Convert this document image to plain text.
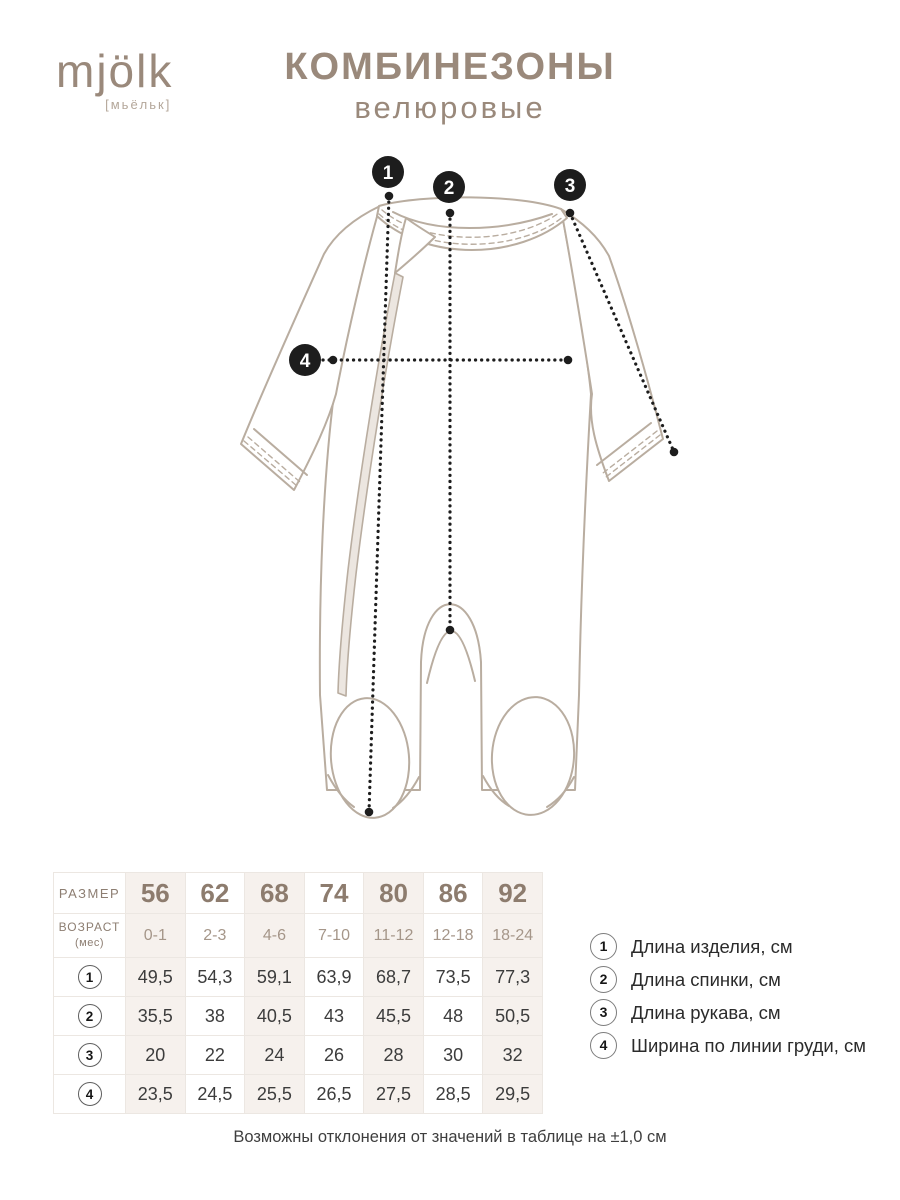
mjölk
[мьёльк]
КОМБИНЕЗОНЫ
велюровые
1
2	3
4
РАЗМЕР	56	62	68	74	80	86	92
ВОЗРАСТ
(мес)	0-1	2-3	4-6	7-10	11-12	12-18	18-24
1	49,5	54,3	59,1	63,9	68,7	73,5	77,3
2	35,5	38	40,5	43	45,5	48	50,5
3	20	22	24	26	28	30	32
4	23,5	24,5	25,5	26,5	27,5	28,5	29,5
1	Длина изделия, см
2	Длина спинки, см
3	Длина рукава, см
4	Ширина по линии груди, см
Возможны отклонения от значений в таблице на ±1,0 см
